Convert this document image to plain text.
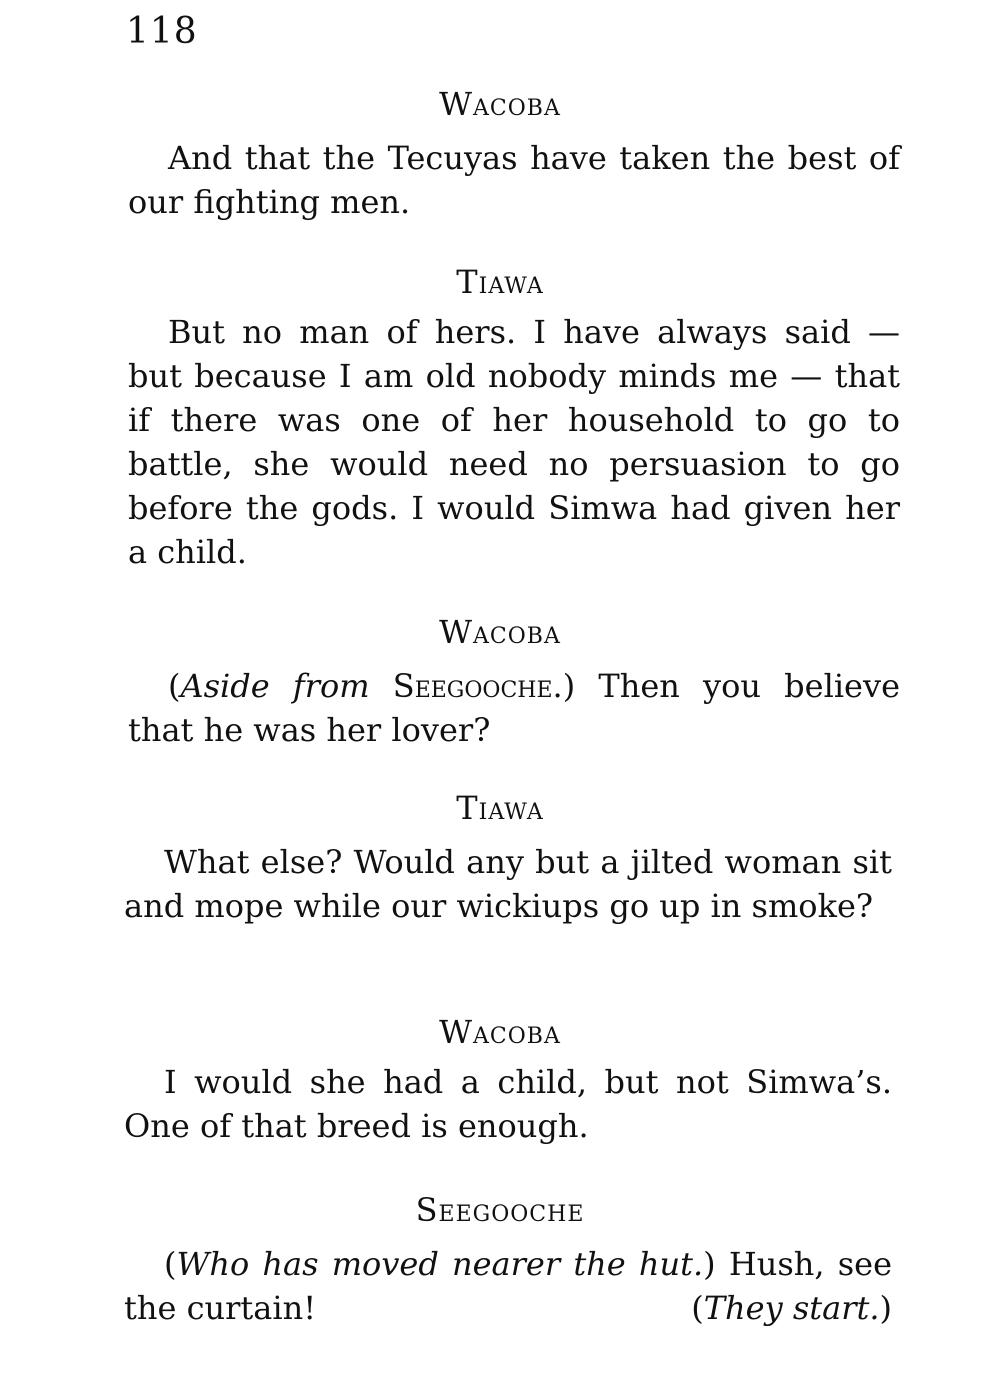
118
Wacoba

And that the Tecuyas have taken the best of our fighting men.

Tiawa

But no man of hers. I have always said — but because I am old nobody minds me — that if there was one of her household to go to battle, she would need no persuasion to go before the gods. I would Simwa had given her a child.

Wacoba

(Aside from Seegooche.) Then you believe that he was her lover?

Tiawa

What else? Would any but a jilted woman sit and mope while our wickiups go up in smoke?

Wacoba

I would she had a child, but not Simwa’s. One of that breed is enough.

Seegooche
(Who has moved nearer the hut.) Hush, see
the curtain!	(They start.)
